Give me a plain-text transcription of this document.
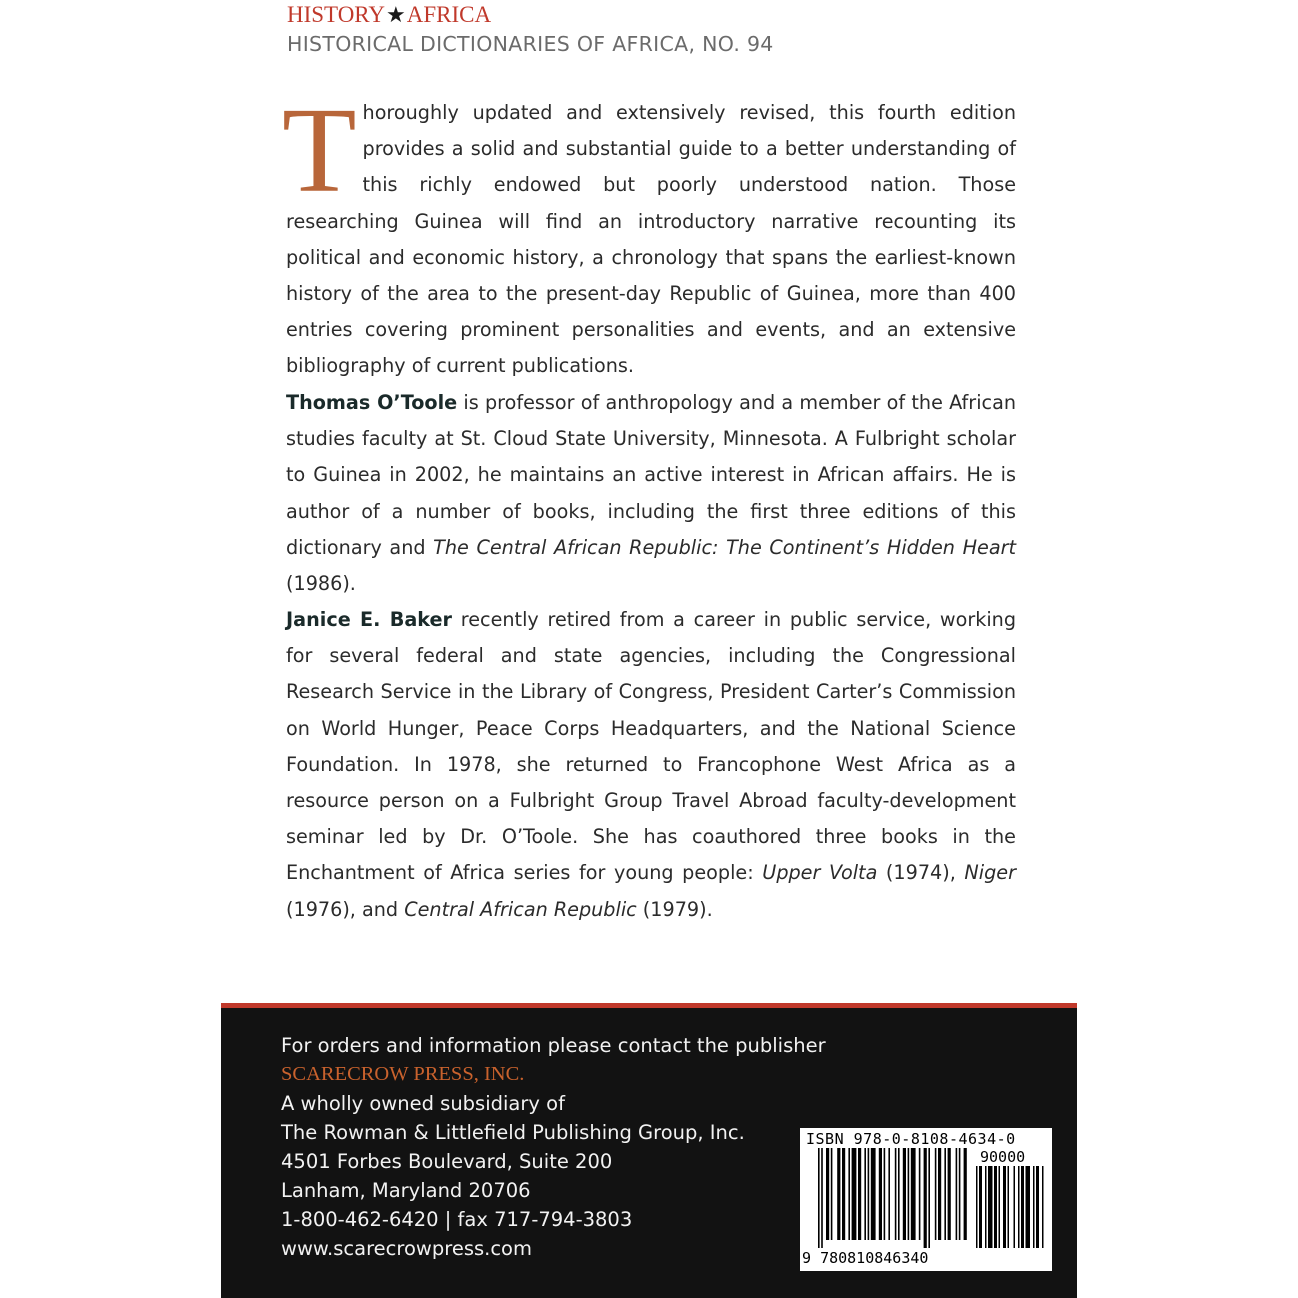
HISTORY★AFRICA
HISTORICAL DICTIONARIES OF AFRICA, NO. 94
Thoroughly updated and extensively revised, this fourth edition provides a solid and substantial guide to a better understanding of this richly endowed but poorly understood nation. Those researching Guinea will find an introductory narrative recounting its political and economic history, a chronology that spans the earliest-known history of the area to the present-day Republic of Guinea, more than 400 entries covering prominent personalities and events, and an extensive bibliography of current publications.
Thomas O’Toole is professor of anthropology and a member of the African studies faculty at St. Cloud State University, Minnesota. A Fulbright scholar to Guinea in 2002, he maintains an active interest in African affairs. He is author of a number of books, including the first three editions of this dictionary and The Central African Republic: The Continent’s Hidden Heart (1986).
Janice E. Baker recently retired from a career in public service, working for several federal and state agencies, including the Congressional Research Service in the Library of Congress, President Carter’s Commission on World Hunger, Peace Corps Headquarters, and the National Science Foundation. In 1978, she returned to Francophone West Africa as a resource person on a Fulbright Group Travel Abroad faculty-development seminar led by Dr. O’Toole. She has coauthored three books in the Enchantment of Africa series for young people: Upper Volta (1974), Niger (1976), and Central African Republic (1979).
For orders and information please contact the publisher
SCARECROW PRESS, INC.
A wholly owned subsidiary of
The Rowman & Littlefield Publishing Group, Inc.
4501 Forbes Boulevard, Suite 200
Lanham, Maryland 20706
1-800-462-6420 | fax 717-794-3803
www.scarecrowpress.com
ISBN 978-0-8108-4634-0
90000
9 780810846340
